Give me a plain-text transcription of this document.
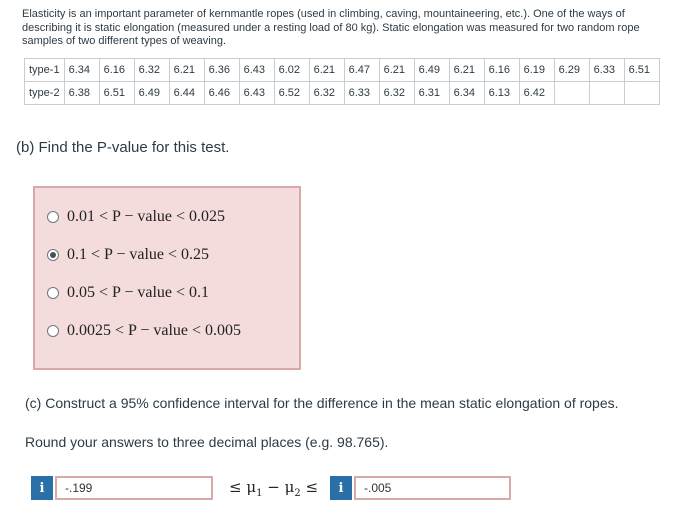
Elasticity is an important parameter of kernmantle ropes (used in climbing, caving, mountaineering, etc.). One of the ways of describing it is static elongation (measured under a resting load of 80 kg). Static elongation was measured for two random rope samples of two different types of weaving.
type-1	6.34	6.16	6.32	6.21	6.36	6.43	6.02	6.21	6.47	6.21	6.49	6.21	6.16	6.19	6.29	6.33	6.51
type-2	6.38	6.51	6.49	6.44	6.46	6.43	6.52	6.32	6.33	6.32	6.31	6.34	6.13	6.42			
(b) Find the P-value for this test.
0.01 < P − value < 0.025
0.1 < P − value < 0.25
0.05 < P − value < 0.1
0.0025 < P − value < 0.005
(c) Construct a 95% confidence interval for the difference in the mean static elongation of ropes.
Round your answers to three decimal places (e.g. 98.765).
i
-.199	≤ $\mu_1 - \mu_2$ ≤	i
-.005
